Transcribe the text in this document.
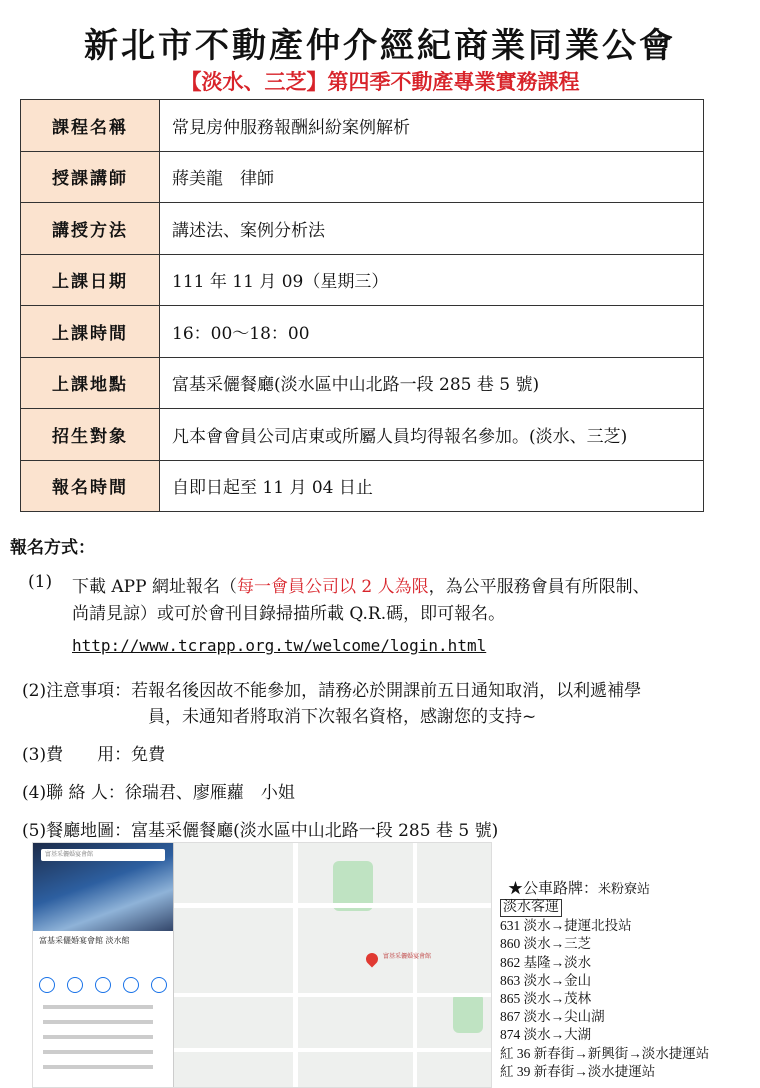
新北市不動產仲介經紀商業同業公會
【淡水、三芝】第四季不動產專業實務課程
課程名稱	常見房仲服務報酬糾紛案例解析
授課講師	蔣美龍　律師
講授方法	講述法、案例分析法
上課日期	111 年 11 月 09（星期三）
上課時間	16：00～18：00
上課地點	富基采儷餐廳(淡水區中山北路一段 285 巷 5 號)
招生對象	凡本會會員公司店東或所屬人員均得報名參加。(淡水、三芝)
報名時間	自即日起至 11 月 04 日止
報名方式：
(1) 下載 APP 網址報名（每一會員公司以 2 人為限，為公平服務會員有所限制、
尚請見諒）或可於會刊目錄掃描所載 Q.R.碼，即可報名。
http://www.tcrapp.org.tw/welcome/login.html
(2)注意事項：若報名後因故不能參加，請務必於開課前五日通知取消，以利遞補學
員，未通知者將取消下次報名資格，感謝您的支持~
(3)費　　用：免費
(4)聯 絡 人：徐瑞君、廖雁蘿　小姐
(5)餐廳地圖：富基采儷餐廳(淡水區中山北路一段 285 巷 5 號)
富基采儷婚宴會館
富基采儷婚宴會館
富基采儷婚宴會館 淡水館
★公車路牌：米粉寮站
淡水客運
631 淡水→捷運北投站
860 淡水→三芝
862 基隆→淡水
863 淡水→金山
865 淡水→茂林
867 淡水→尖山湖
874 淡水→大湖
紅 36 新春街→新興街→淡水捷運站
紅 39 新春街→淡水捷運站
